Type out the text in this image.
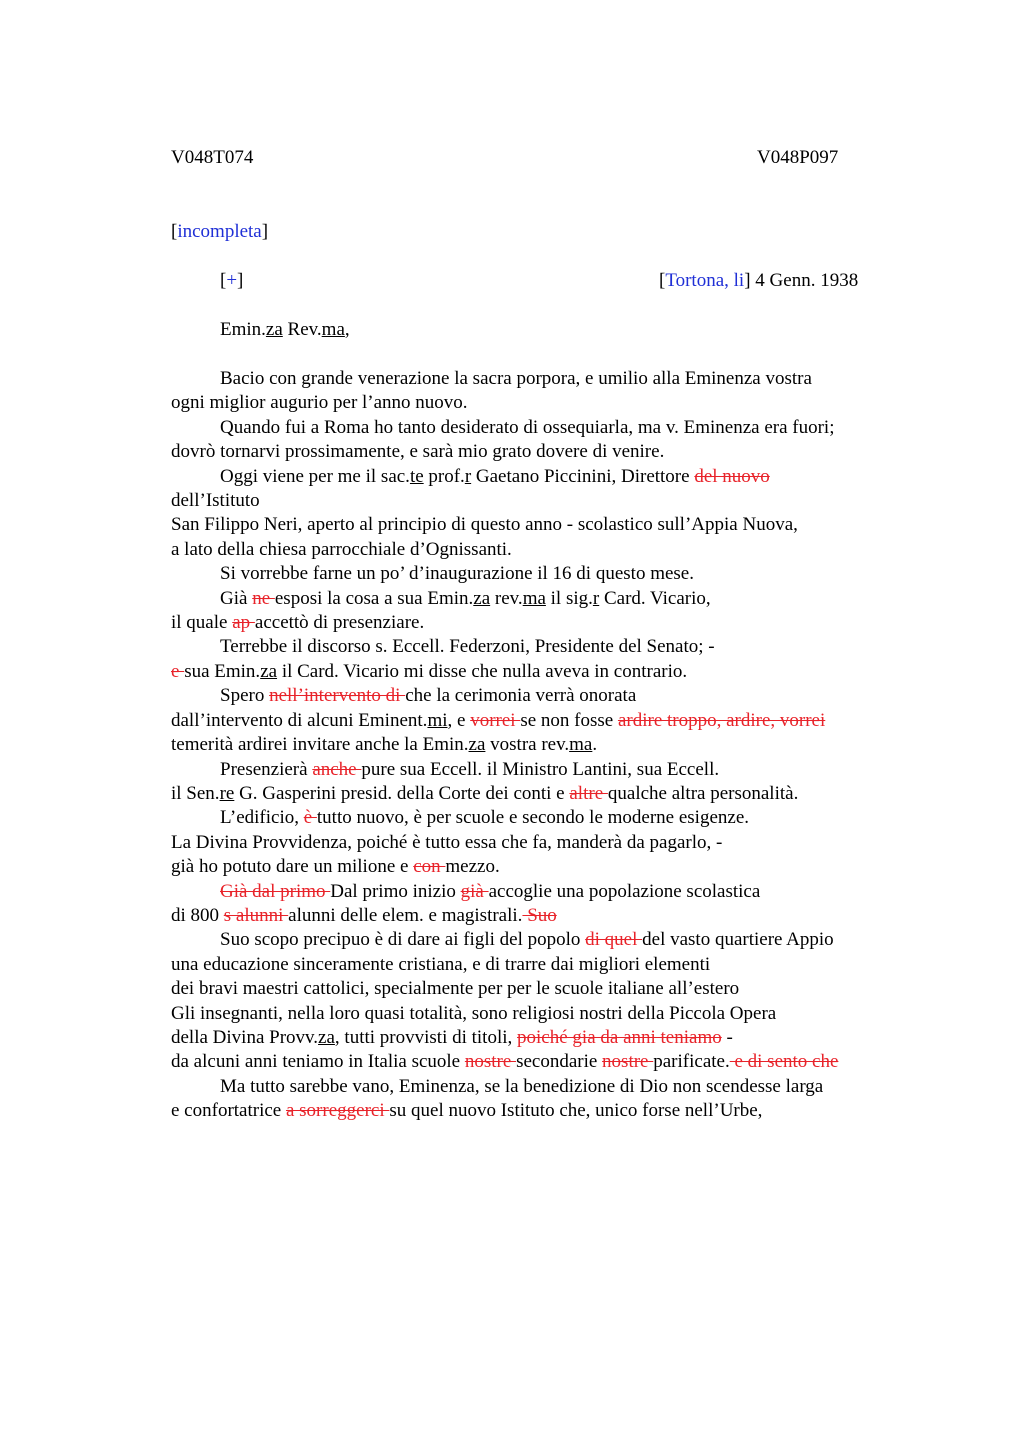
V048T074	V048P097
[incompleta]
[+]	[Tortona, li] 4 Genn. 1938
Emin.za Rev.ma,
Bacio con grande venerazione la sacra porpora, e umilio alla Eminenza vostra
ogni miglior augurio per l’anno nuovo.
Quando fui a Roma ho tanto desiderato di ossequiarla, ma v. Eminenza era fuori;
dovrò tornarvi prossimamente, e sarà mio grato dovere di venire.
Oggi viene per me il sac.te prof.r Gaetano Piccinini, Direttore del nuovo
dell’Istituto
San Filippo Neri, aperto al principio di questo anno - scolastico sull’Appia Nuova,
a lato della chiesa parrocchiale d’Ognissanti.
Si vorrebbe farne un po’ d’inaugurazione il 16 di questo mese.
Già ne esposi la cosa a sua Emin.za rev.ma il sig.r Card. Vicario,
il quale ap accettò di presenziare.
Terrebbe il discorso s. Eccell. Federzoni, Presidente del Senato; -
e sua Emin.za il Card. Vicario mi disse che nulla aveva in contrario.
Spero nell’intervento di che la cerimonia verrà onorata
dall’intervento di alcuni Eminent.mi, e vorrei se non fosse ardire troppo, ardire, vorrei
temerità ardirei invitare anche la Emin.za vostra rev.ma.
Presenzierà anche pure sua Eccell. il Ministro Lantini, sua Eccell.
il Sen.re G. Gasperini presid. della Corte dei conti e altre qualche altra personalità.
L’edificio, è tutto nuovo, è per scuole e secondo le moderne esigenze.
La Divina Provvidenza, poiché è tutto essa che fa, manderà da pagarlo, -
già ho potuto dare un milione e con mezzo.
Già dal primo Dal primo inizio già accoglie una popolazione scolastica
di 800 s alunni alunni delle elem. e magistrali. Suo
Suo scopo precipuo è di dare ai figli del popolo di quel del vasto quartiere Appio
una educazione sinceramente cristiana, e di trarre dai migliori elementi
dei bravi maestri cattolici, specialmente per per le scuole italiane all’estero
Gli insegnanti, nella loro quasi totalità, sono religiosi nostri della Piccola Opera
della Divina Provv.za, tutti provvisti di titoli, poiché gia da anni teniamo -
da alcuni anni teniamo in Italia scuole nostre secondarie nostre parificate. e di sento che
Ma tutto sarebbe vano, Eminenza, se la benedizione di Dio non scendesse larga
e confortatrice a sorreggerci su quel nuovo Istituto che, unico forse nell’Urbe,
